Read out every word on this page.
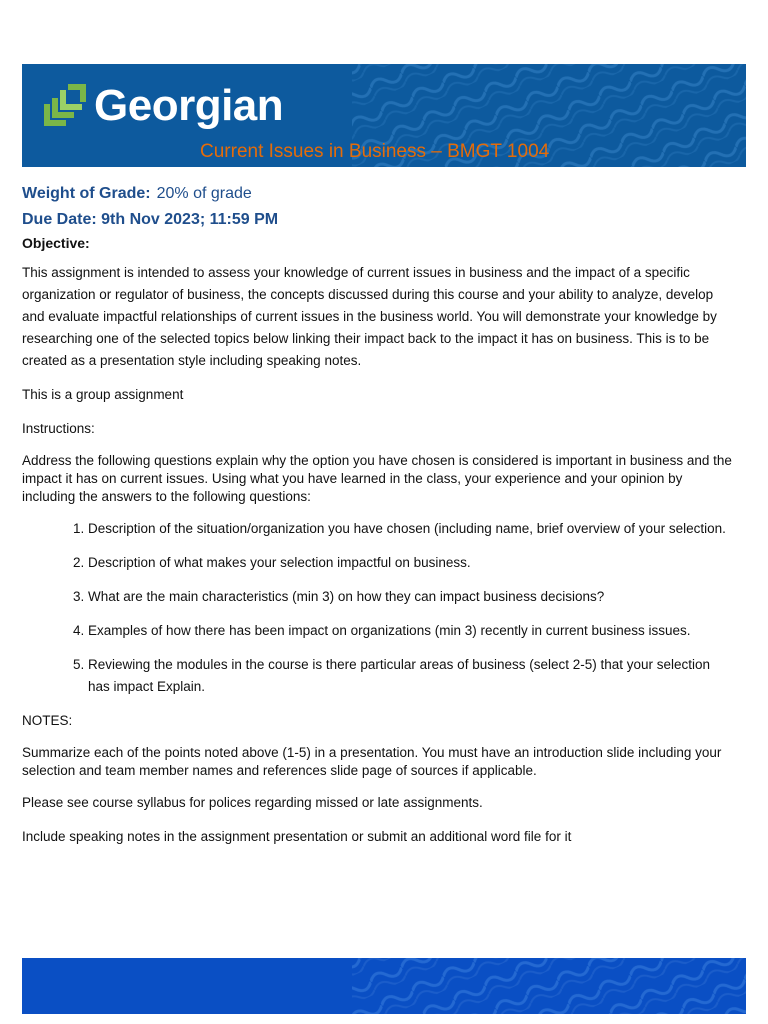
Georgian
Current Issues in Business – BMGT 1004
Weight of Grade: 20% of grade
Due Date: 9th Nov 2023; 11:59 PM
Objective:

This assignment is intended to assess your knowledge of current issues in business and the impact of a specific organization or regulator of business, the concepts discussed during this course and your ability to analyze, develop and evaluate impactful relationships of current issues in the business world. You will demonstrate your knowledge by researching one of the selected topics below linking their impact back to the impact it has on business. This is to be created as a presentation style including speaking notes.

This is a group assignment

Instructions:

Address the following questions explain why the option you have chosen is considered is important in business and the impact it has on current issues. Using what you have learned in the class, your experience and your opinion by including the answers to the following questions:

1. Description of the situation/organization you have chosen (including name, brief overview of your selection.
2. Description of what makes your selection impactful on business.
3. What are the main characteristics (min 3) on how they can impact business decisions?
4. Examples of how there has been impact on organizations (min 3) recently in current business issues.
5. Reviewing the modules in the course is there particular areas of business (select 2-5) that your selection has impact Explain.

NOTES:

Summarize each of the points noted above (1-5) in a presentation. You must have an introduction slide including your selection and team member names and references slide page of sources if applicable.

Please see course syllabus for polices regarding missed or late assignments.

Include speaking notes in the assignment presentation or submit an additional word file for it
